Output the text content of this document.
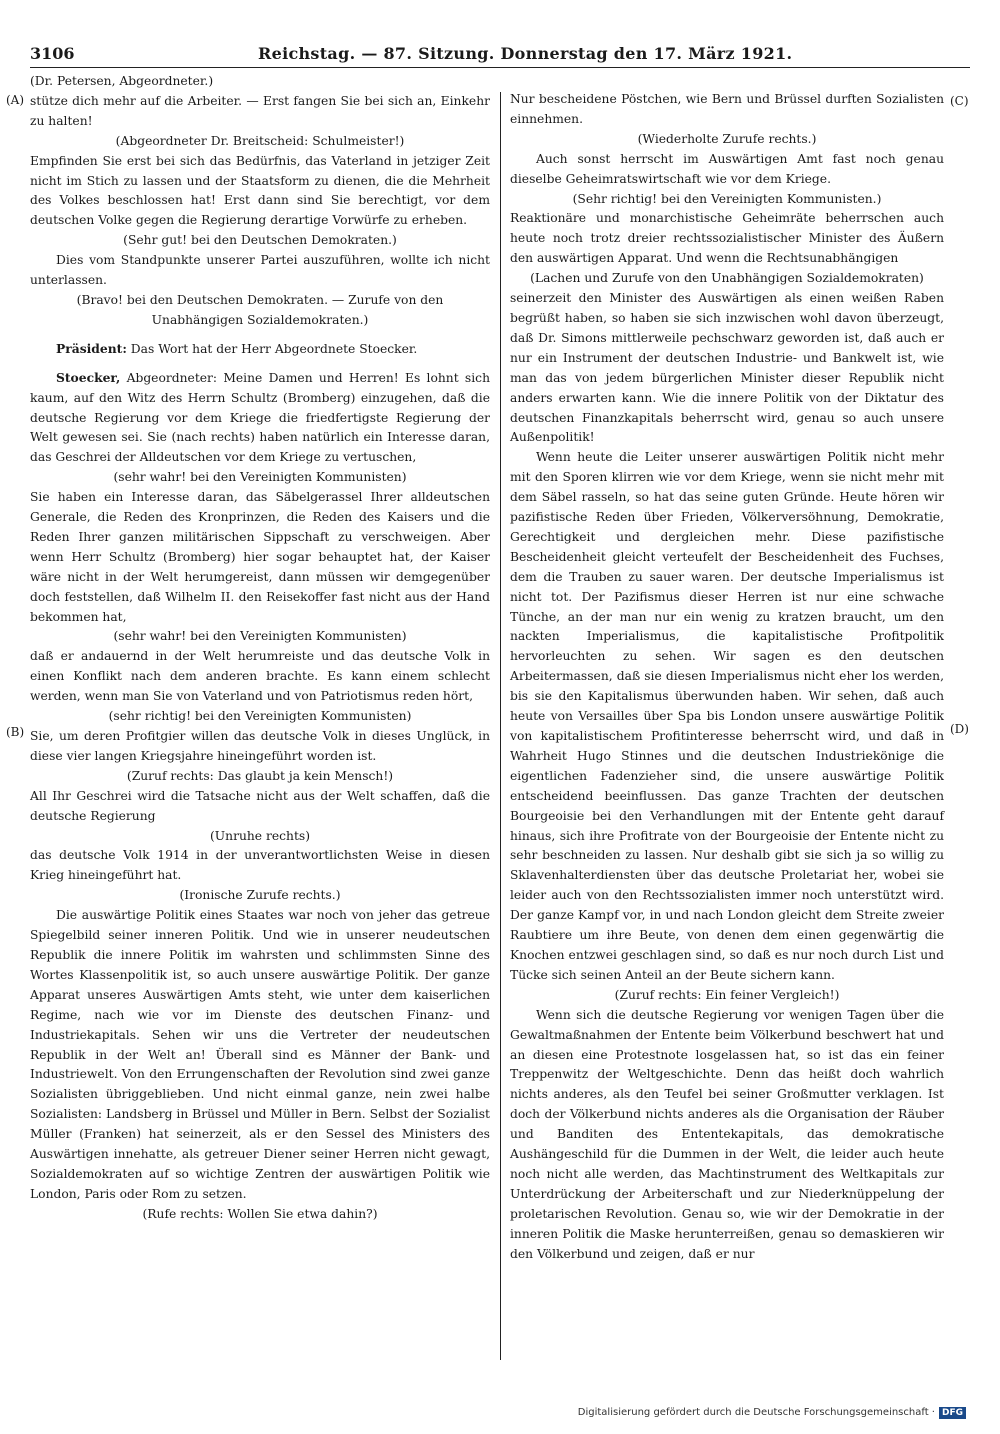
3106	Reichstag. — 87. Sitzung. Donnerstag den 17. März 1921.
(A)
(B)
(C)
(D)

(Dr. Petersen, Abgeordneter.)

stütze dich mehr auf die Arbeiter. — Erst fangen Sie bei sich an, Einkehr zu halten!

(Abgeordneter Dr. Breitscheid: Schulmeister!)

Empfinden Sie erst bei sich das Bedürfnis, das Vaterland in jetziger Zeit nicht im Stich zu lassen und der Staatsform zu dienen, die die Mehrheit des Volkes beschlossen hat! Erst dann sind Sie berechtigt, vor dem deutschen Volke gegen die Regierung derartige Vorwürfe zu erheben.

(Sehr gut! bei den Deutschen Demokraten.)

Dies vom Standpunkte unserer Partei auszuführen, wollte ich nicht unterlassen.

(Bravo! bei den Deutschen Demokraten. — Zurufe von den Unabhängigen Sozialdemokraten.)

Präsident: Das Wort hat der Herr Abgeordnete Stoecker.

Stoecker, Abgeordneter: Meine Damen und Herren! Es lohnt sich kaum, auf den Witz des Herrn Schultz (Bromberg) einzugehen, daß die deutsche Regierung vor dem Kriege die friedfertigste Regierung der Welt gewesen sei. Sie (nach rechts) haben natürlich ein Interesse daran, das Geschrei der Alldeutschen vor dem Kriege zu vertuschen,

(sehr wahr! bei den Vereinigten Kommunisten)

Sie haben ein Interesse daran, das Säbelgerassel Ihrer alldeutschen Generale, die Reden des Kronprinzen, die Reden des Kaisers und die Reden Ihrer ganzen militärischen Sippschaft zu verschweigen. Aber wenn Herr Schultz (Bromberg) hier sogar behauptet hat, der Kaiser wäre nicht in der Welt herumgereist, dann müssen wir demgegenüber doch feststellen, daß Wilhelm II. den Reisekoffer fast nicht aus der Hand bekommen hat,

(sehr wahr! bei den Vereinigten Kommunisten)

daß er andauernd in der Welt herumreiste und das deutsche Volk in einen Konflikt nach dem anderen brachte. Es kann einem schlecht werden, wenn man Sie von Vaterland und von Patriotismus reden hört,

(sehr richtig! bei den Vereinigten Kommunisten)

Sie, um deren Profitgier willen das deutsche Volk in dieses Unglück, in diese vier langen Kriegsjahre hineingeführt worden ist.

(Zuruf rechts: Das glaubt ja kein Mensch!)

All Ihr Geschrei wird die Tatsache nicht aus der Welt schaffen, daß die deutsche Regierung

(Unruhe rechts)

das deutsche Volk 1914 in der unverantwortlichsten Weise in diesen Krieg hineingeführt hat.

(Ironische Zurufe rechts.)

Die auswärtige Politik eines Staates war noch von jeher das getreue Spiegelbild seiner inneren Politik. Und wie in unserer neudeutschen Republik die innere Politik im wahrsten und schlimmsten Sinne des Wortes Klassenpolitik ist, so auch unsere auswärtige Politik. Der ganze Apparat unseres Auswärtigen Amts steht, wie unter dem kaiserlichen Regime, nach wie vor im Dienste des deutschen Finanz- und Industriekapitals. Sehen wir uns die Vertreter der neudeutschen Republik in der Welt an! Überall sind es Männer der Bank- und Industriewelt. Von den Errungenschaften der Revolution sind zwei ganze Sozialisten übriggeblieben. Und nicht einmal ganze, nein zwei halbe Sozialisten: Landsberg in Brüssel und Müller in Bern. Selbst der Sozialist Müller (Franken) hat seinerzeit, als er den Sessel des Ministers des Auswärtigen innehatte, als getreuer Diener seiner Herren nicht gewagt, Sozialdemokraten auf so wichtige Zentren der auswärtigen Politik wie London, Paris oder Rom zu setzen.

(Rufe rechts: Wollen Sie etwa dahin?)

Nur bescheidene Pöstchen, wie Bern und Brüssel durften Sozialisten einnehmen.

(Wiederholte Zurufe rechts.)

Auch sonst herrscht im Auswärtigen Amt fast noch genau dieselbe Geheimratswirtschaft wie vor dem Kriege.

(Sehr richtig! bei den Vereinigten Kommunisten.)

Reaktionäre und monarchistische Geheimräte beherrschen auch heute noch trotz dreier rechtssozialistischer Minister des Äußern den auswärtigen Apparat. Und wenn die Rechtsunabhängigen

(Lachen und Zurufe von den Unabhängigen Sozialdemokraten)

seinerzeit den Minister des Auswärtigen als einen weißen Raben begrüßt haben, so haben sie sich inzwischen wohl davon überzeugt, daß Dr. Simons mittlerweile pechschwarz geworden ist, daß auch er nur ein Instrument der deutschen Industrie- und Bankwelt ist, wie man das von jedem bürgerlichen Minister dieser Republik nicht anders erwarten kann. Wie die innere Politik von der Diktatur des deutschen Finanzkapitals beherrscht wird, genau so auch unsere Außenpolitik!

Wenn heute die Leiter unserer auswärtigen Politik nicht mehr mit den Sporen klirren wie vor dem Kriege, wenn sie nicht mehr mit dem Säbel rasseln, so hat das seine guten Gründe. Heute hören wir pazifistische Reden über Frieden, Völkerversöhnung, Demokratie, Gerechtigkeit und dergleichen mehr. Diese pazifistische Bescheidenheit gleicht verteufelt der Bescheidenheit des Fuchses, dem die Trauben zu sauer waren. Der deutsche Imperialismus ist nicht tot. Der Pazifismus dieser Herren ist nur eine schwache Tünche, an der man nur ein wenig zu kratzen braucht, um den nackten Imperialismus, die kapitalistische Profitpolitik hervorleuchten zu sehen. Wir sagen es den deutschen Arbeitermassen, daß sie diesen Imperialismus nicht eher los werden, bis sie den Kapitalismus überwunden haben. Wir sehen, daß auch heute von Versailles über Spa bis London unsere auswärtige Politik von kapitalistischem Profitinteresse beherrscht wird, und daß in Wahrheit Hugo Stinnes und die deutschen Industriekönige die eigentlichen Fadenzieher sind, die unsere auswärtige Politik entscheidend beeinflussen. Das ganze Trachten der deutschen Bourgeoisie bei den Verhandlungen mit der Entente geht darauf hinaus, sich ihre Profitrate von der Bourgeoisie der Entente nicht zu sehr beschneiden zu lassen. Nur deshalb gibt sie sich ja so willig zu Sklavenhalterdiensten über das deutsche Proletariat her, wobei sie leider auch von den Rechtssozialisten immer noch unterstützt wird. Der ganze Kampf vor, in und nach London gleicht dem Streite zweier Raubtiere um ihre Beute, von denen dem einen gegenwärtig die Knochen entzwei geschlagen sind, so daß es nur noch durch List und Tücke sich seinen Anteil an der Beute sichern kann.

(Zuruf rechts: Ein feiner Vergleich!)

Wenn sich die deutsche Regierung vor wenigen Tagen über die Gewaltmaßnahmen der Entente beim Völkerbund beschwert hat und an diesen eine Protestnote losgelassen hat, so ist das ein feiner Treppenwitz der Weltgeschichte. Denn das heißt doch wahrlich nichts anderes, als den Teufel bei seiner Großmutter verklagen. Ist doch der Völkerbund nichts anderes als die Organisation der Räuber und Banditen des Ententekapitals, das demokratische Aushängeschild für die Dummen in der Welt, die leider auch heute noch nicht alle werden, das Machtinstrument des Weltkapitals zur Unterdrückung der Arbeiterschaft und zur Niederknüppelung der proletarischen Revolution. Genau so, wie wir der Demokratie in der inneren Politik die Maske herunterreißen, genau so demaskieren wir den Völkerbund und zeigen, daß er nur

Digitalisierung gefördert durch die Deutsche Forschungsgemeinschaft · DFG
